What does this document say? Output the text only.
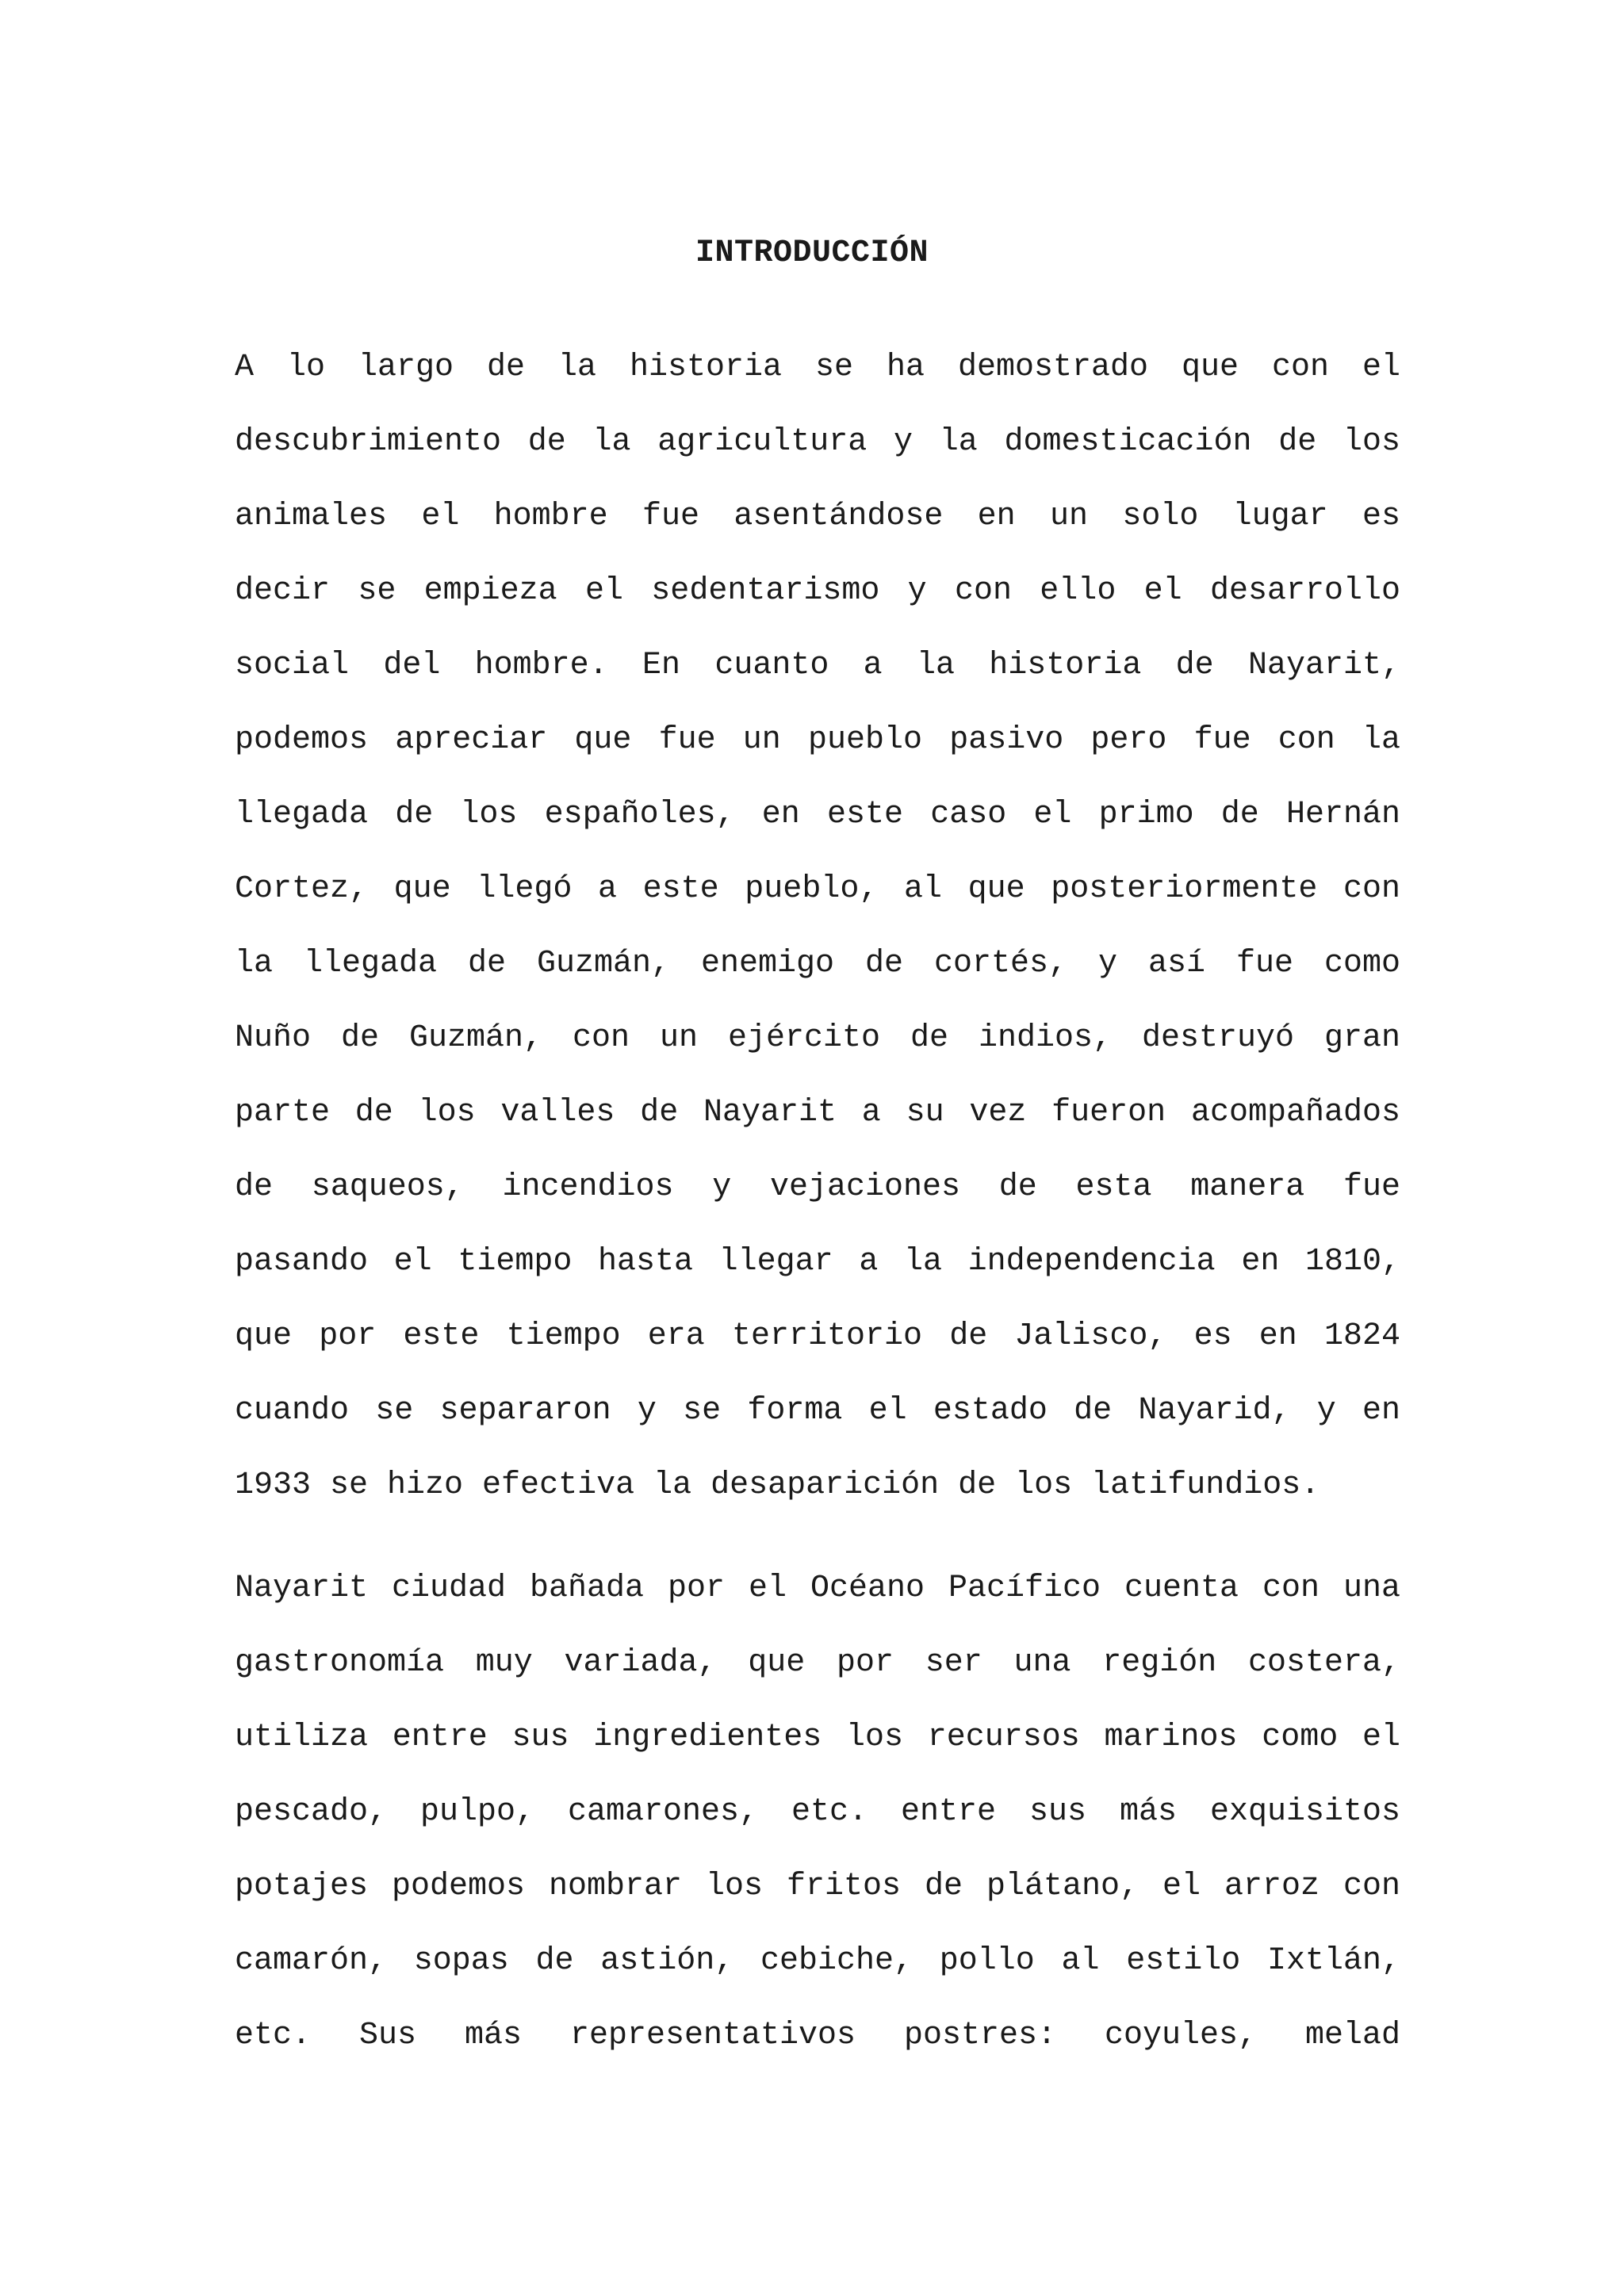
INTRODUCCIÓN
A lo largo de la historia se ha demostrado que con el
descubrimiento de la agricultura y la domesticación de los
animales el hombre fue asentándose en un solo lugar es
decir se empieza el sedentarismo y con ello el desarrollo
social del hombre. En cuanto a la historia de Nayarit,
podemos apreciar que fue un pueblo pasivo pero fue con la
llegada de los españoles, en este caso el primo de Hernán
Cortez, que llegó a este pueblo, al que posteriormente con
la llegada de Guzmán, enemigo de cortés, y así fue como
Nuño de Guzmán, con un ejército de indios, destruyó gran
parte de los valles de Nayarit a su vez fueron acompañados
de saqueos, incendios y vejaciones de esta manera fue
pasando el tiempo hasta llegar a la independencia en 1810,
que por este tiempo era territorio de Jalisco, es en 1824
cuando se separaron y se forma el estado de Nayarid, y en
1933 se hizo efectiva la desaparición de los latifundios.
Nayarit ciudad bañada por el Océano Pacífico cuenta con una
gastronomía muy variada, que por ser una región costera,
utiliza entre sus ingredientes los recursos marinos como el
pescado, pulpo, camarones, etc. entre sus más exquisitos
potajes podemos nombrar los fritos de plátano, el arroz con
camarón, sopas de astión, cebiche, pollo al estilo Ixtlán,
etc. Sus más representativos postres: coyules, melad
